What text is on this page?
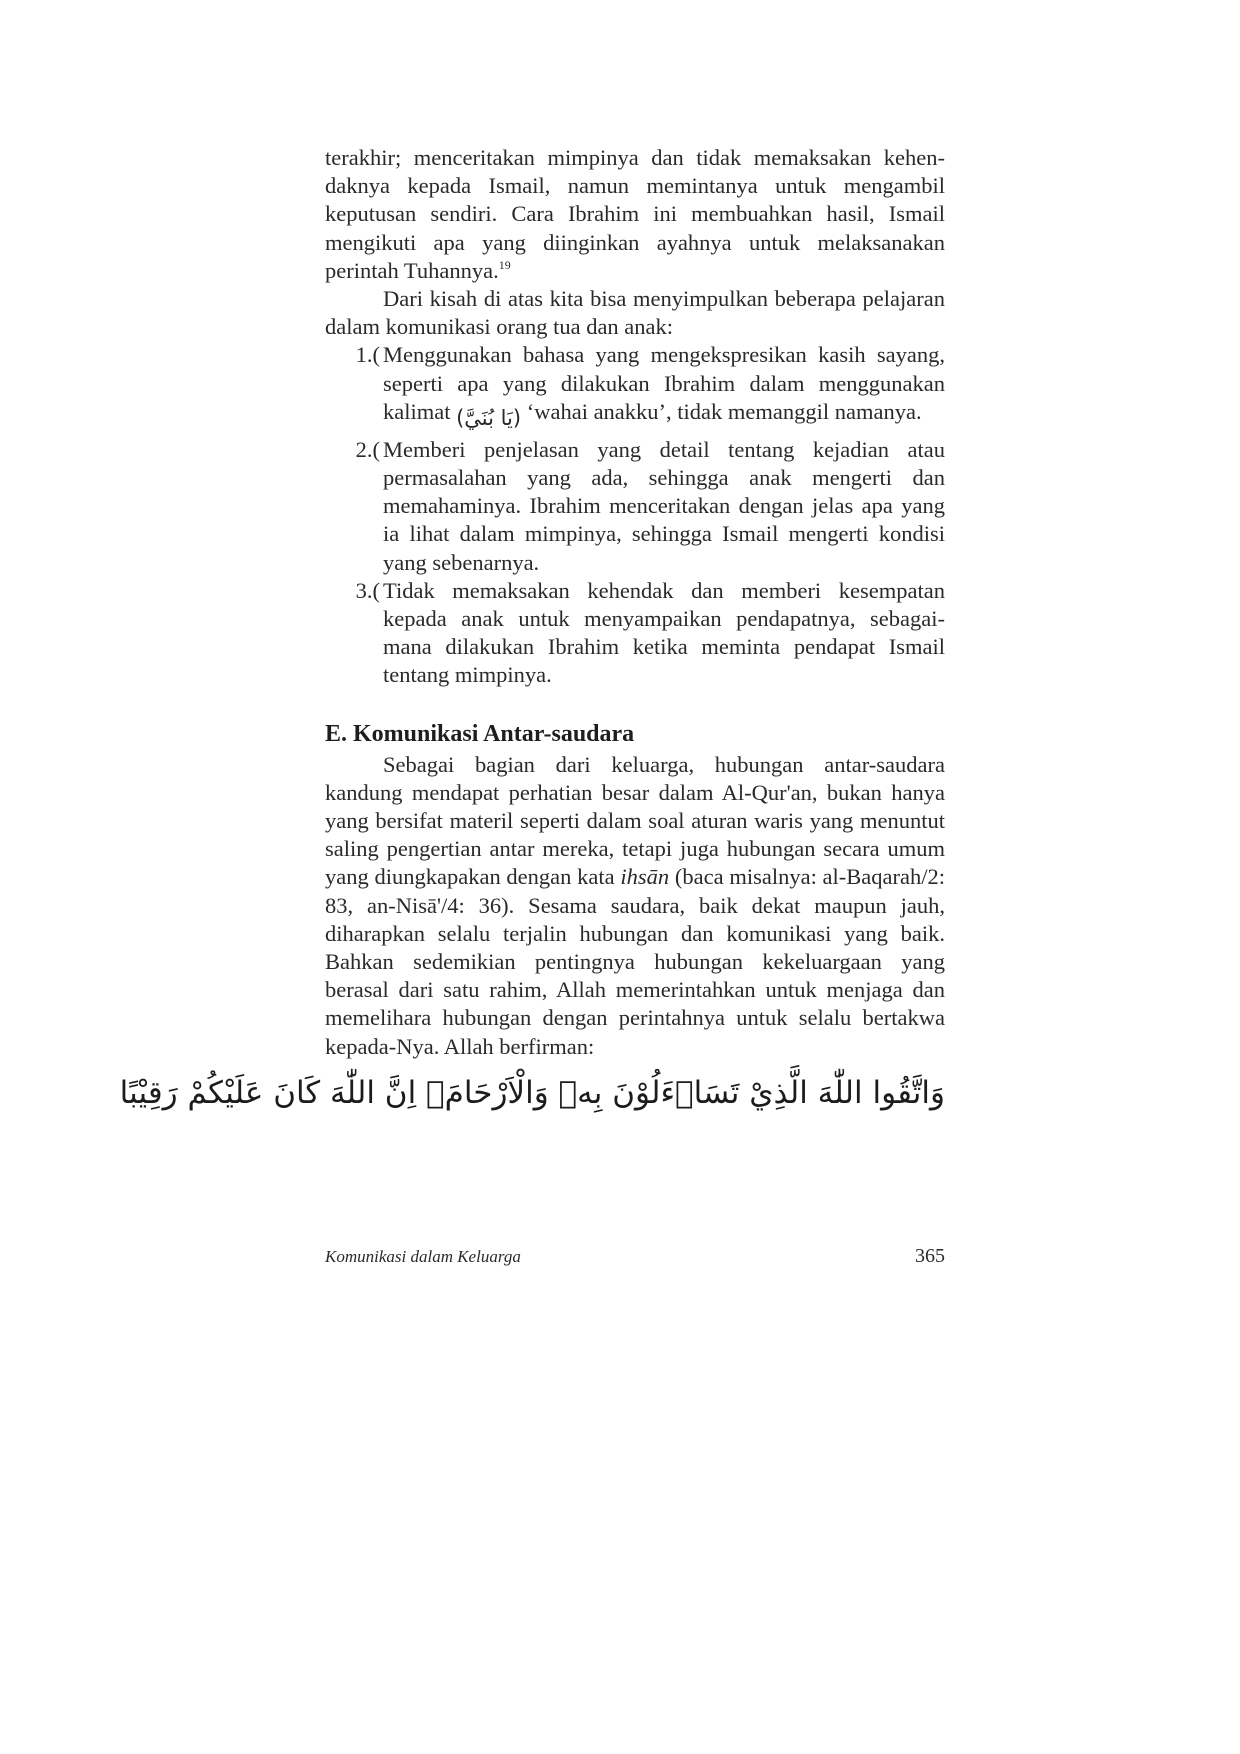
terakhir; menceritakan mimpinya dan tidak memaksakan kehen-daknya kepada Ismail, namun memintanya untuk mengambil keputusan sendiri. Cara Ibrahim ini membuahkan hasil, Ismail mengikuti apa yang diinginkan ayahnya untuk melaksanakan perintah Tuhannya.$^{19}$

Dari kisah di atas kita bisa menyimpulkan beberapa pelajaran dalam komunikasi orang tua dan anak:

1.( Menggunakan bahasa yang mengekspresikan kasih sayang, seperti apa yang dilakukan Ibrahim dalam menggunakan kalimat (يَا بُنَيَّ) ‘wahai anakku’, tidak memanggil namanya.
2.( Memberi penjelasan yang detail tentang kejadian atau permasalahan yang ada, sehingga anak mengerti dan memahaminya. Ibrahim menceritakan dengan jelas apa yang ia lihat dalam mimpinya, sehingga Ismail mengerti kondisi yang sebenarnya.
3.( Tidak memaksakan kehendak dan memberi kesempatan kepada anak untuk menyampaikan pendapatnya, sebagai-mana dilakukan Ibrahim ketika meminta pendapat Ismail tentang mimpinya.
E. Komunikasi Antar-saudara

Sebagai bagian dari keluarga, hubungan antar-saudara kandung mendapat perhatian besar dalam Al-Qur'an, bukan hanya yang bersifat materil seperti dalam soal aturan waris yang menuntut saling pengertian antar mereka, tetapi juga hubungan secara umum yang diungkapakan dengan kata ihsān (baca misalnya: al-Baqarah/2: 83, an-Nisā'/4: 36). Sesama saudara, baik dekat maupun jauh, diharapkan selalu terjalin hubungan dan komunikasi yang baik. Bahkan sedemikian pentingnya hubungan kekeluargaan yang berasal dari satu rahim, Allah memerintahkan untuk menjaga dan memelihara hubungan dengan perintahnya untuk selalu bertakwa kepada-Nya. Allah berfirman:

وَاتَّقُوا اللّٰهَ الَّذِيْ تَسَاۤءَلُوْنَ بِهٖ وَالْاَرْحَامَۗ اِنَّ اللّٰهَ كَانَ عَلَيْكُمْ رَقِيْبًا
Komunikasi dalam Keluarga	365
